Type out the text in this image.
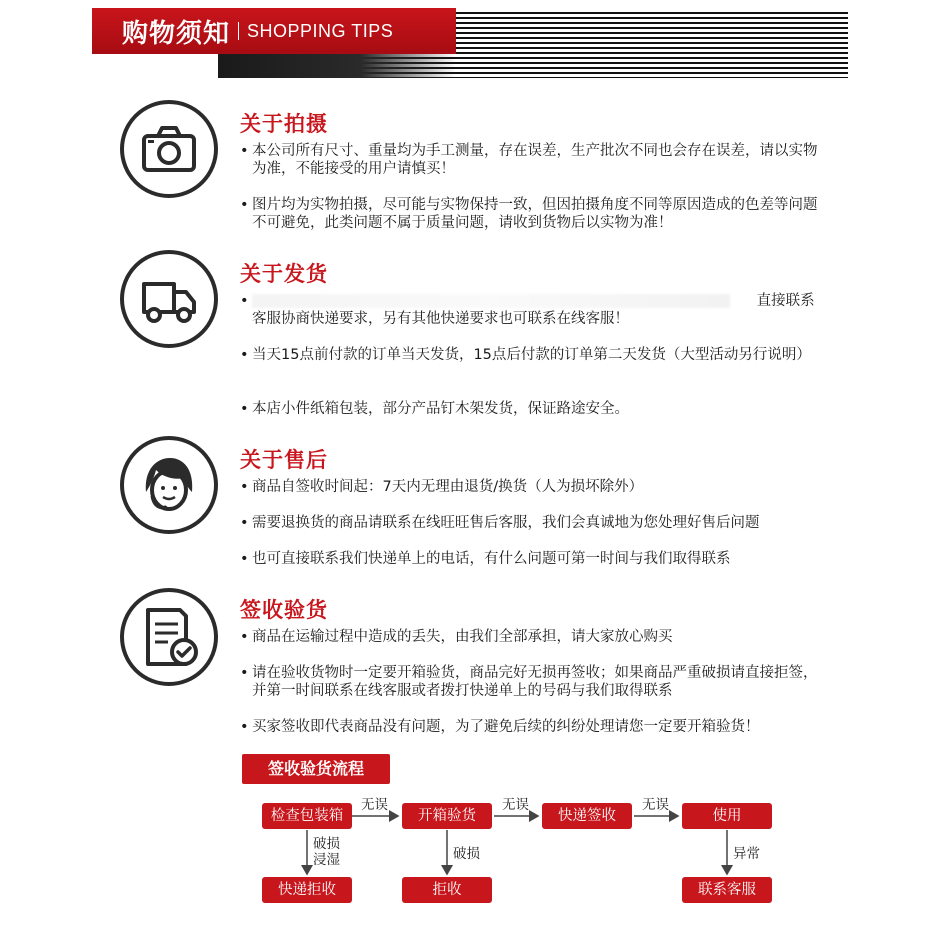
购物须知 SHOPPING TIPS
关于拍摄
• 本公司所有尺寸、重量均为手工测量，存在误差，生产批次不同也会存在误差，请以实物为准，不能接受的用户请慎买！
• 图片均为实物拍摄，尽可能与实物保持一致，但因拍摄角度不同等原因造成的色差等问题不可避免，此类问题不属于质量问题，请收到货物后以实物为准！
关于发货
•	直接联系
客服协商快递要求，另有其他快递要求也可联系在线客服！
• 当天15点前付款的订单当天发货，15点后付款的订单第二天发货（大型活动另行说明）
• 本店小件纸箱包装，部分产品钉木架发货，保证路途安全。
关于售后
• 商品自签收时间起：7天内无理由退货/换货（人为损坏除外）
• 需要退换货的商品请联系在线旺旺售后客服，我们会真诚地为您处理好售后问题
• 也可直接联系我们快递单上的电话，有什么问题可第一时间与我们取得联系
签收验货
• 商品在运输过程中造成的丢失，由我们全部承担，请大家放心购买
• 请在验收货物时一定要开箱验货，商品完好无损再签收；如果商品严重破损请直接拒签，并第一时间联系在线客服或者拨打快递单上的号码与我们取得联系
• 买家签收即代表商品没有问题，为了避免后续的纠纷处理请您一定要开箱验货！
签收验货流程
检查包装箱	开箱验货	快递签收	使用
无误	无误	无误
破损
浸湿	破损	异常
快递拒收	拒收	联系客服
